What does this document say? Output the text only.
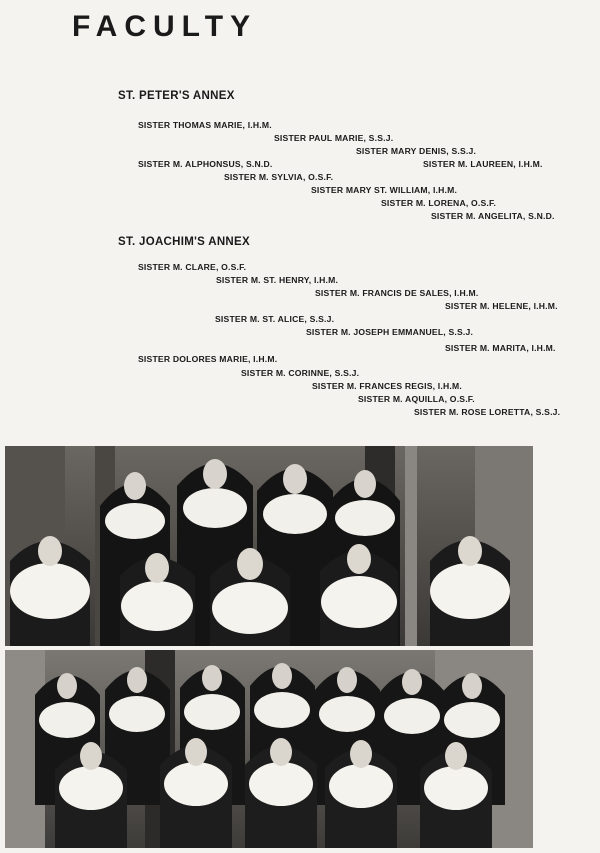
FACULTY
ST. PETER'S ANNEX
SISTER THOMAS MARIE, I.H.M.
SISTER PAUL MARIE, S.S.J.
SISTER MARY DENIS, S.S.J.
SISTER M. ALPHONSUS, S.N.D.	SISTER M. LAUREEN, I.H.M.
SISTER M. SYLVIA, O.S.F.
SISTER MARY ST. WILLIAM, I.H.M.
SISTER M. LORENA, O.S.F.
SISTER M. ANGELITA, S.N.D.
ST. JOACHIM'S ANNEX
SISTER M. CLARE, O.S.F.
SISTER M. ST. HENRY, I.H.M.
SISTER M. FRANCIS DE SALES, I.H.M.
SISTER M. HELENE, I.H.M.
SISTER M. ST. ALICE, S.S.J.
SISTER M. JOSEPH EMMANUEL, S.S.J.
SISTER M. MARITA, I.H.M.
SISTER DOLORES MARIE, I.H.M.
SISTER M. CORINNE, S.S.J.
SISTER M. FRANCES REGIS, I.H.M.
SISTER M. AQUILLA, O.S.F.
SISTER M. ROSE LORETTA, S.S.J.
